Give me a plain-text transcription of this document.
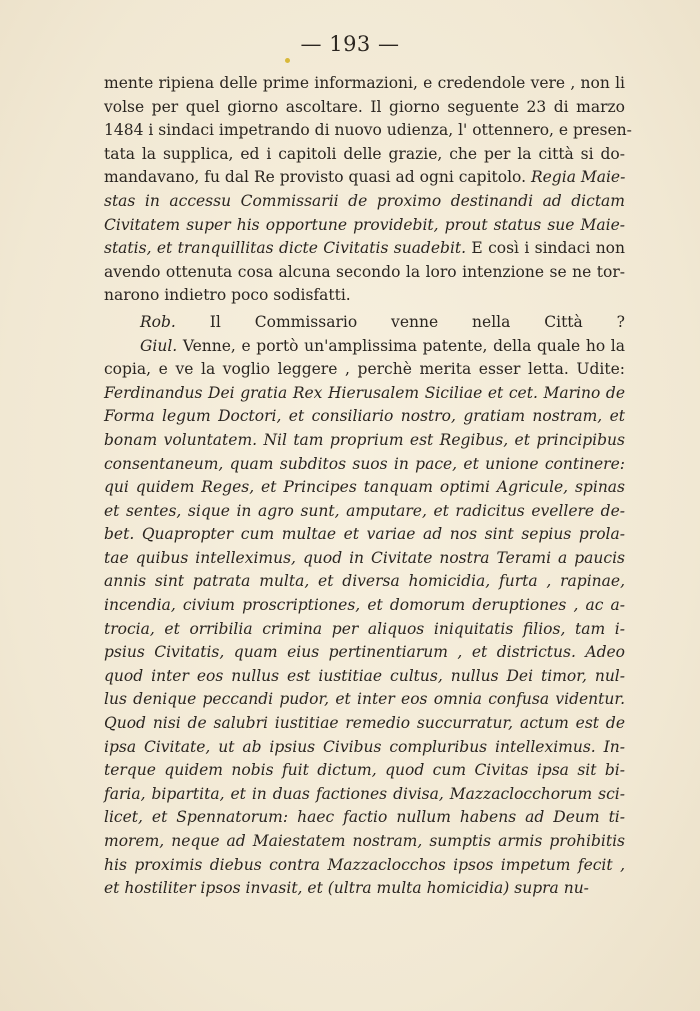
— 193 —
mente ripiena delle prime informazioni, e credendole vere , non li
volse per quel giorno ascoltare. Il giorno seguente 23 di marzo
1484 i sindaci impetrando di nuovo udienza, l' ottennero, e presen-
tata la supplica, ed i capitoli delle grazie, che per la città si do-
mandavano, fu dal Re provisto quasi ad ogni capitolo. Regia Maie-
stas in accessu Commissarii de proximo destinandi ad dictam
Civitatem super his opportune providebit, prout status sue Maie-
statis, et tranquillitas dicte Civitatis suadebit. E così i sindaci non
avendo ottenuta cosa alcuna secondo la loro intenzione se ne tor-
narono indietro poco sodisfatti.
Rob. Il Commissario venne nella Città ?
Giul. Venne, e portò un'amplissima patente, della quale ho la
copia, e ve la voglio leggere , perchè merita esser letta. Udite:
Ferdinandus Dei gratia Rex Hierusalem Siciliae et cet. Marino de
Forma legum Doctori, et consiliario nostro, gratiam nostram, et
bonam voluntatem. Nil tam proprium est Regibus, et principibus
consentaneum, quam subditos suos in pace, et unione continere:
qui quidem Reges, et Principes tanquam optimi Agricule, spinas
et sentes, sique in agro sunt, amputare, et radicitus evellere de-
bet. Quapropter cum multae et variae ad nos sint sepius prola-
tae quibus intelleximus, quod in Civitate nostra Terami a paucis
annis sint patrata multa, et diversa homicidia, furta , rapinae,
incendia, civium proscriptiones, et domorum deruptiones , ac a-
trocia, et orribilia crimina per aliquos iniquitatis filios, tam i-
psius Civitatis, quam eius pertinentiarum , et districtus. Adeo
quod inter eos nullus est iustitiae cultus, nullus Dei timor, nul-
lus denique peccandi pudor, et inter eos omnia confusa videntur.
Quod nisi de salubri iustitiae remedio succurratur, actum est de
ipsa Civitate, ut ab ipsius Civibus compluribus intelleximus. In-
terque quidem nobis fuit dictum, quod cum Civitas ipsa sit bi-
faria, bipartita, et in duas factiones divisa, Mazzaclocchorum sci-
licet, et Spennatorum: haec factio nullum habens ad Deum ti-
morem, neque ad Maiestatem nostram, sumptis armis prohibitis
his proximis diebus contra Mazzaclocchos ipsos impetum fecit ,
et hostiliter ipsos invasit, et (ultra multa homicidia) supra nu-
